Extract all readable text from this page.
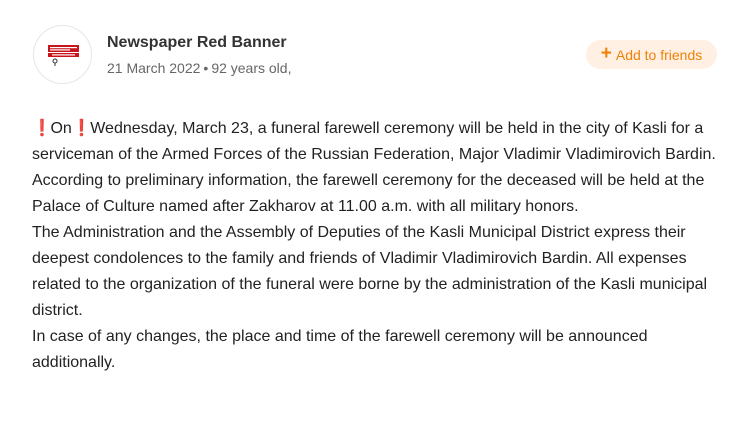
Newspaper Red Banner
21 March 2022 • 92 years old,
+ Add to friends

❗ On❗ Wednesday, March 23, a funeral farewell ceremony will be held in the city of Kasli for a serviceman of the Armed Forces of the Russian Federation, Major Vladimir Vladimirovich Bardin.

According to preliminary information, the farewell ceremony for the deceased will be held at the Palace of Culture named after Zakharov at 11.00 a.m. with all military honors.

The Administration and the Assembly of Deputies of the Kasli Municipal District express their deepest condolences to the family and friends of Vladimir Vladimirovich Bardin. All expenses related to the organization of the funeral were borne by the administration of the Kasli municipal district.

In case of any changes, the place and time of the farewell ceremony will be announced additionally.
